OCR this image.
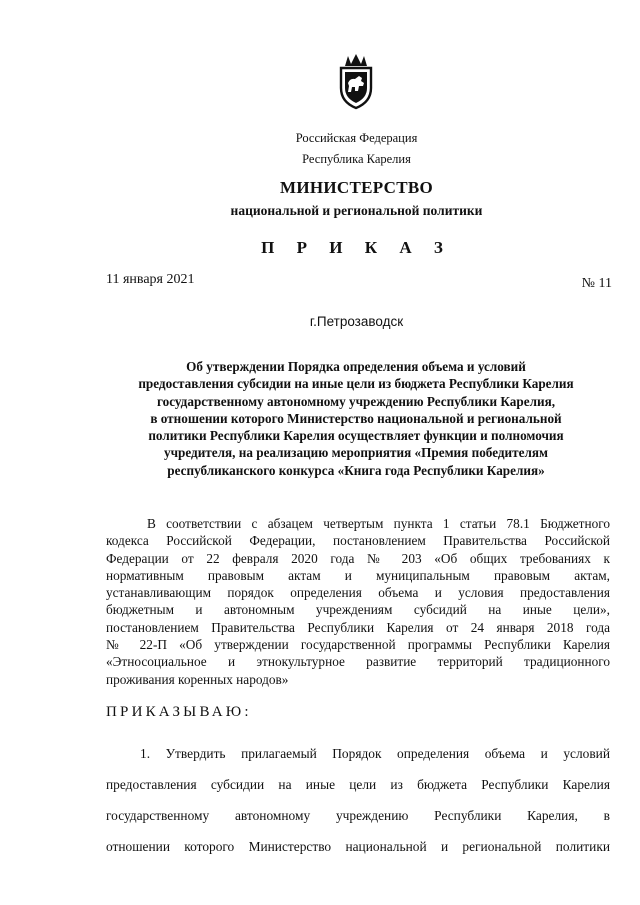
Российская Федерация
Республика Карелия
МИНИСТЕРСТВО
национальной и региональной политики
П Р И К А З
11 января 2021	№ 11
г.Петрозаводск
Об утверждении Порядка определения объема и условий
предоставления субсидии на иные цели из бюджета Республики Карелия
государственному автономному учреждению Республики Карелия,
в отношении которого Министерство национальной и региональной
политики Республики Карелия осуществляет функции и полномочия
учредителя, на реализацию мероприятия «Премия победителям
республиканского конкурса «Книга года Республики Карелия»
В соответствии с абзацем четвертым пункта 1 статьи 78.1 Бюджетного
кодекса Российской Федерации, постановлением Правительства Российской
Федерации от 22 февраля 2020 года № 203 «Об общих требованиях к
нормативным правовым актам и муниципальным правовым актам,
устанавливающим порядок определения объема и условия предоставления
бюджетным и автономным учреждениям субсидий на иные цели»,
постановлением Правительства Республики Карелия от 24 января 2018 года
№ 22-П «Об утверждении государственной программы Республики Карелия
«Этносоциальное и этнокультурное развитие территорий традиционного
проживания коренных народов»
ПРИКАЗЫВАЮ:
1. Утвердить прилагаемый Порядок определения объема и условий
предоставления субсидии на иные цели из бюджета Республики Карелия
государственному автономному учреждению Республики Карелия, в
отношении которого Министерство национальной и региональной политики
